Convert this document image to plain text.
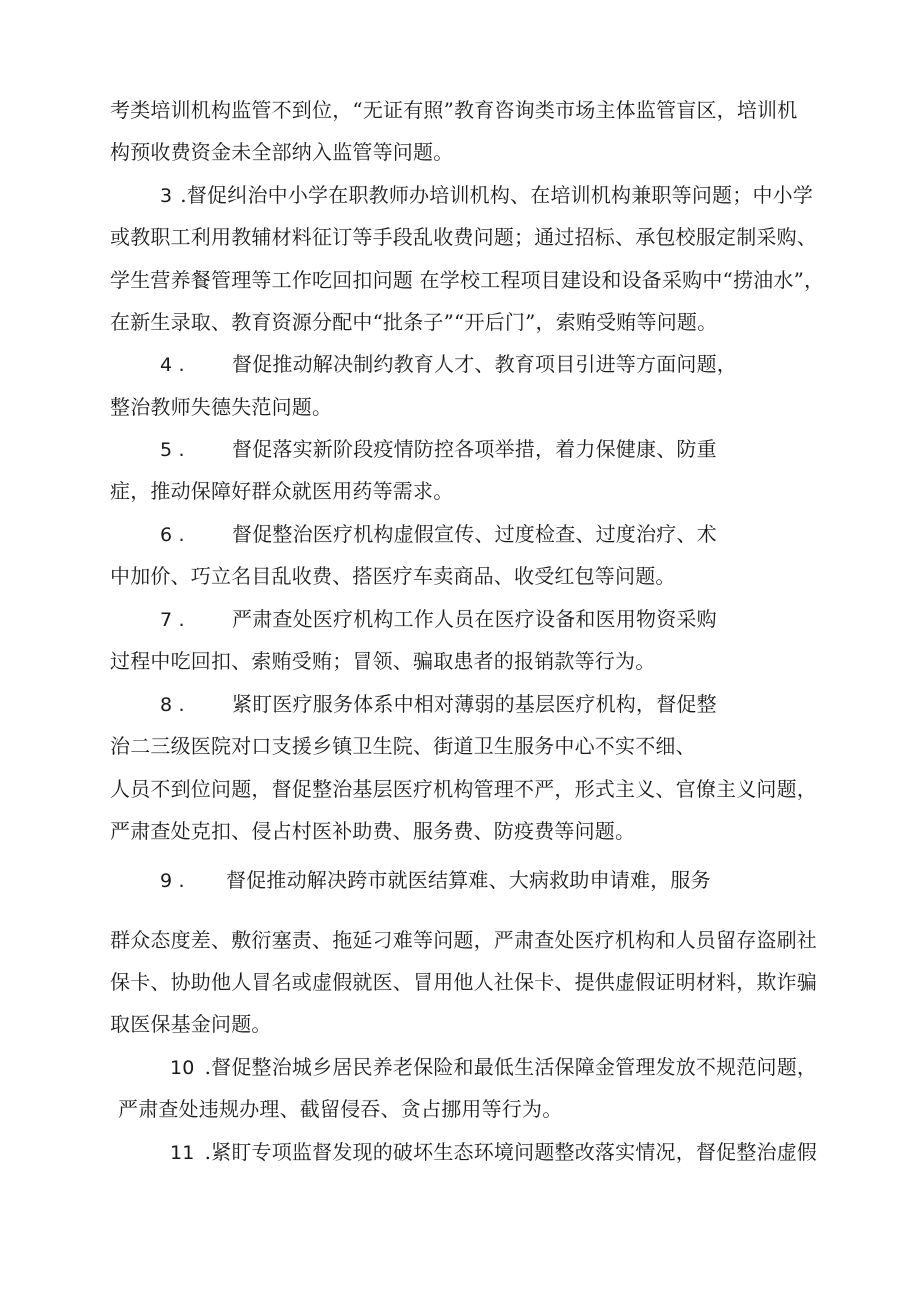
考类培训机构监管不到位，“无证有照”教育咨询类市场主体监管盲区，培训机
构预收费资金未全部纳入监管等问题。
3 .督促纠治中小学在职教师办培训机构、在培训机构兼职等问题；中小学
或教职工利用教辅材料征订等手段乱收费问题；通过招标、承包校服定制采购、
学生营养餐管理等工作吃回扣问题 在学校工程项目建设和设备采购中“捞油水”，
在新生录取、教育资源分配中“批条子”“开后门”，索贿受贿等问题。
4 . 督促推动解决制约教育人才、教育项目引进等方面问题，
整治教师失德失范问题。
5 . 督促落实新阶段疫情防控各项举措，着力保健康、防重
症，推动保障好群众就医用药等需求。
6 . 督促整治医疗机构虚假宣传、过度检查、过度治疗、术
中加价、巧立名目乱收费、搭医疗车卖商品、收受红包等问题。
7 . 严肃查处医疗机构工作人员在医疗设备和医用物资采购
过程中吃回扣、索贿受贿；冒领、骗取患者的报销款等行为。
8 . 紧盯医疗服务体系中相对薄弱的基层医疗机构，督促整
治二三级医院对口支援乡镇卫生院、街道卫生服务中心不实不细、
人员不到位问题，督促整治基层医疗机构管理不严，形式主义、官僚主义问题，
严肃查处克扣、侵占村医补助费、服务费、防疫费等问题。
9 . 督促推动解决跨市就医结算难、大病救助申请难，服务
群众态度差、敷衍塞责、拖延刁难等问题，严肃查处医疗机构和人员留存盗刷社
保卡、协助他人冒名或虚假就医、冒用他人社保卡、提供虚假证明材料，欺诈骗
取医保基金问题。
10 .督促整治城乡居民养老保险和最低生活保障金管理发放不规范问题，
严肃查处违规办理、截留侵吞、贪占挪用等行为。
11 .紧盯专项监督发现的破坏生态环境问题整改落实情况，督促整治虚假
